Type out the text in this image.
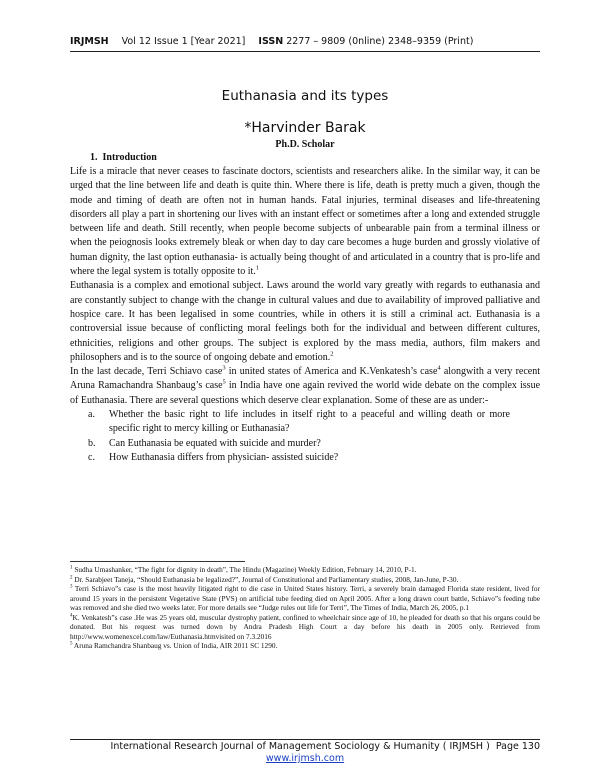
IRJMSH Vol 12 Issue 1 [Year 2021] ISSN 2277 – 9809 (0nline) 2348–9359 (Print)
Euthanasia and its types
*Harvinder Barak
Ph.D. Scholar
1. Introduction

Life is a miracle that never ceases to fascinate doctors, scientists and researchers alike. In the similar way, it can be urged that the line between life and death is quite thin. Where there is life, death is pretty much a given, though the mode and timing of death are often not in human hands. Fatal injuries, terminal diseases and life-threatening disorders all play a part in shortening our lives with an instant effect or sometimes after a long and extended struggle between life and death. Still recently, when people become subjects of unbearable pain from a terminal illness or when the peiognosis looks extremely bleak or when day to day care becomes a huge burden and grossly violative of human dignity, the last option euthanasia- is actually being thought of and articulated in a country that is pro-life and where the legal system is totally opposite to it.$^1$

Euthanasia is a complex and emotional subject. Laws around the world vary greatly with regards to euthanasia and are constantly subject to change with the change in cultural values and due to availability of improved palliative and hospice care. It has been legalised in some countries, while in others it is still a criminal act. Euthanasia is a controversial issue because of conflicting moral feelings both for the individual and between different cultures, ethnicities, religions and other groups. The subject is explored by the mass media, authors, film makers and philosophers and is to the source of ongoing debate and emotion.$^2$

In the last decade, Terri Schiavo case$^3$ in united states of America and K.Venkatesh’s case$^4$ alongwith a very recent Aruna Ramachandra Shanbaug’s case$^5$ in India have one again revived the world wide debate on the complex issue of Euthanasia. There are several questions which deserve clear explanation. Some of these are as under:-

a. Whether the basic right to life includes in itself right to a peaceful and willing death or more specific right to mercy killing or Euthanasia?
b. Can Euthanasia be equated with suicide and murder?
c. How Euthanasia differs from physician- assisted suicide?

$^1$ Sudha Umashanker, “The fight for dignity in death”, The Hindu (Magazine) Weekly Edition, February 14, 2010, P-1.

$^2$ Dr. Sarabjeet Taneja, “Should Euthanasia be legalized?”, Journal of Constitutional and Parliamentary studies, 2008, Jan-June, P-30.

$^3$ Terri Schiavo”s case is the most heavily litigated right to die case in United States history. Terri, a severely brain damaged Florida state resident, lived for around 15 years in the persistent Vegetative State (PVS) on artificial tube feeding died on April 2005. After a long drawn court battle, Schiavo”s feeding tube was removed and she died two weeks later. For more details see “Judge rules out life for Terri”, The Times of India, March 26, 2005, p.1

$^4$K. Venkatesh”s case .He was 25 years old, muscular dystrophy patient, confined to wheelchair since age of 10, he pleaded for death so that his organs could be donated. But his request was turned down by Andra Pradesh High Court a day before his death in 2005 only. Retrieved from http://www.womenexcel.com/law/Euthanasia.htmvisited on 7.3.2016

$^5$ Aruna Ramchandra Shanbaug vs. Union of India, AIR 2011 SC 1290.

International Research Journal of Management Sociology & Humanity ( IRJMSH ) Page 130
www.irjmsh.com
